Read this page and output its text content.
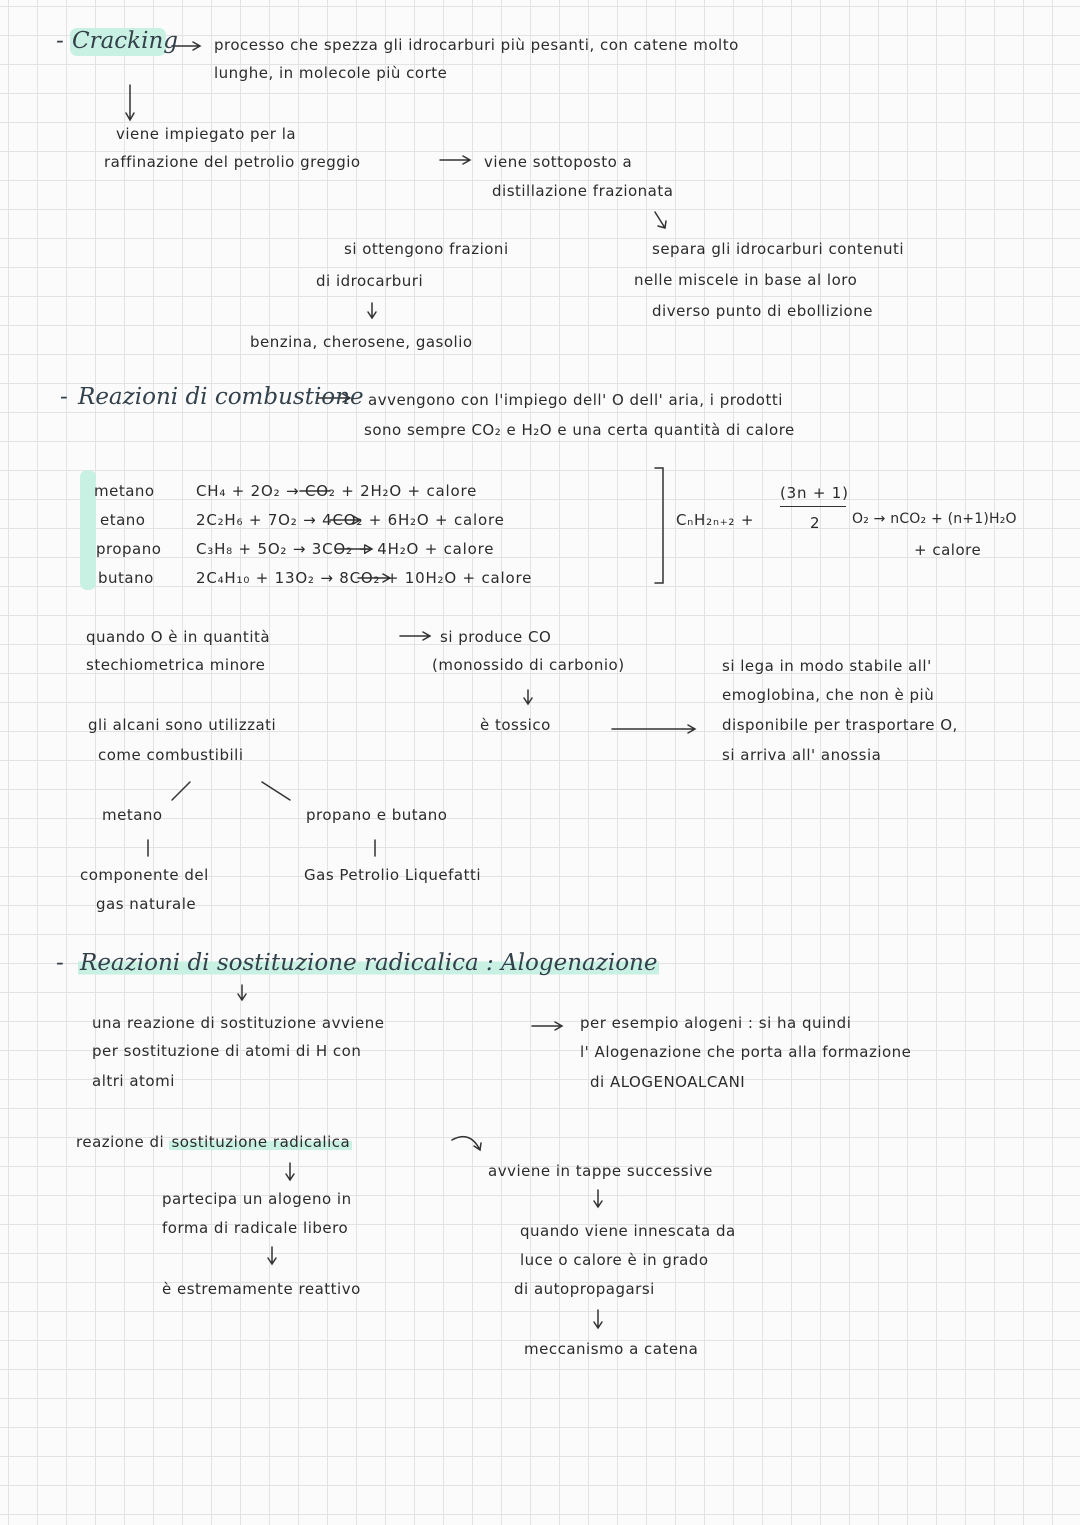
- Cracking processo che spezza gli idrocarburi più pesanti, con catene molto
lunghe, in molecole più corte
viene impiegato per la
raffinazione del petrolio greggio	viene sottoposto a
distillazione frazionata
si ottengono frazioni
di idrocarburi
benzina, cherosene, gasolio
separa gli idrocarburi contenuti
nelle miscele in base al loro
diverso punto di ebollizione
- Reazioni di combustione avvengono con l'impiego dell' O dell' aria, i prodotti
sono sempre CO₂ e H₂O e una certa quantità di calore
metano
etano
propano
butano
CH₄ + 2O₂ → CO₂ + 2H₂O + calore
2C₂H₆ + 7O₂ → 4CO₂ + 6H₂O + calore
C₃H₈ + 5O₂ → 3CO₂ + 4H₂O + calore
2C₄H₁₀ + 13O₂ → 8CO₂ + 10H₂O + calore
CₙH₂ₙ₊₂ +
(3n + 1)
2 O₂ → nCO₂ + (n+1)H₂O
+ calore
quando O è in quantità
stechiometrica minore
si produce CO
(monossido di carbonio)
è tossico
si lega in modo stabile all'
emoglobina, che non è più
disponibile per trasportare O,
si arriva all' anossia
gli alcani sono utilizzati
come combustibili
metano
componente del
gas naturale
propano e butano
Gas Petrolio Liquefatti
- Reazioni di sostituzione radicalica : Alogenazione
una reazione di sostituzione avviene
per sostituzione di atomi di H con
altri atomi
per esempio alogeni : si ha quindi
l' Alogenazione che porta alla formazione
di ALOGENOALCANI
reazione di sostituzione radicalica
partecipa un alogeno in
forma di radicale libero
è estremamente reattivo
avviene in tappe successive
quando viene innescata da
luce o calore è in grado
di autopropagarsi
meccanismo a catena
